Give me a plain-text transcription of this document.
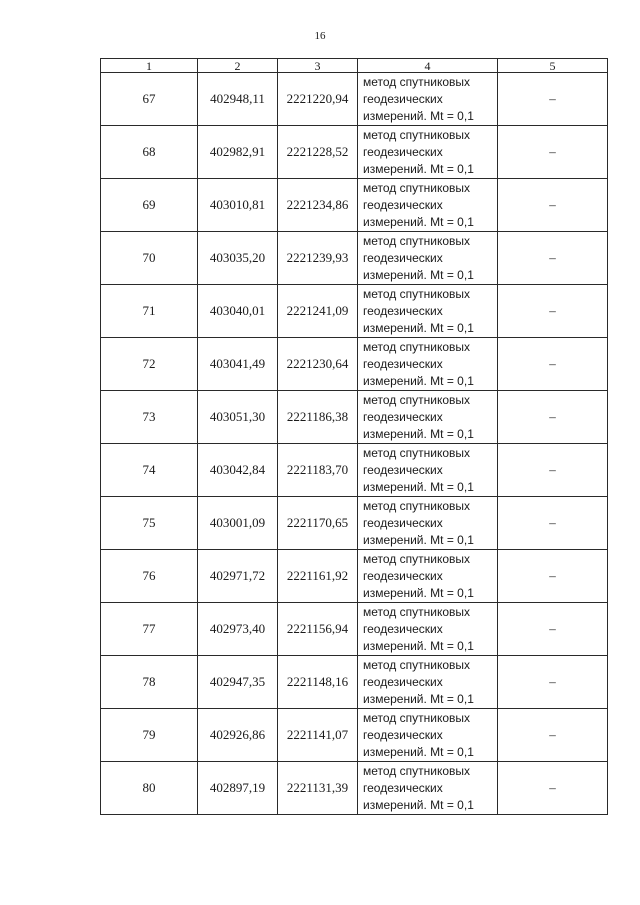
16
1	2	3	4	5
67	402948,11	2221220,94	метод спутниковых геодезических измерений. Mt = 0,1	–
68	402982,91	2221228,52	метод спутниковых геодезических измерений. Mt = 0,1	–
69	403010,81	2221234,86	метод спутниковых геодезических измерений. Mt = 0,1	–
70	403035,20	2221239,93	метод спутниковых геодезических измерений. Mt = 0,1	–
71	403040,01	2221241,09	метод спутниковых геодезических измерений. Mt = 0,1	–
72	403041,49	2221230,64	метод спутниковых геодезических измерений. Mt = 0,1	–
73	403051,30	2221186,38	метод спутниковых геодезических измерений. Mt = 0,1	–
74	403042,84	2221183,70	метод спутниковых геодезических измерений. Mt = 0,1	–
75	403001,09	2221170,65	метод спутниковых геодезических измерений. Mt = 0,1	–
76	402971,72	2221161,92	метод спутниковых геодезических измерений. Mt = 0,1	–
77	402973,40	2221156,94	метод спутниковых геодезических измерений. Mt = 0,1	–
78	402947,35	2221148,16	метод спутниковых геодезических измерений. Mt = 0,1	–
79	402926,86	2221141,07	метод спутниковых геодезических измерений. Mt = 0,1	–
80	402897,19	2221131,39	метод спутниковых геодезических измерений. Mt = 0,1	–
